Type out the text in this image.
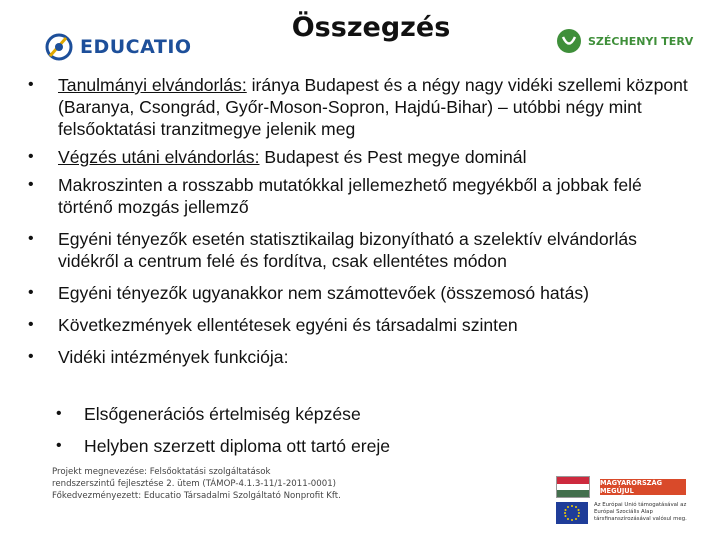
EDUCATIO
Összegzés	SZÉCHENYI TERV
• Tanulmányi elvándorlás: iránya Budapest és a négy nagy vidéki szellemi központ (Baranya, Csongrád, Győr-Moson-Sopron, Hajdú-Bihar) – utóbbi négy mint felsőoktatási tranzitmegye jelenik meg
• Végzés utáni elvándorlás: Budapest és Pest megye dominál
• Makroszinten a rosszabb mutatókkal jellemezhető megyékből a jobbak felé történő mozgás jellemző
• Egyéni tényezők esetén statisztikailag bizonyítható a szelektív elvándorlás vidékről a centrum felé és fordítva, csak ellentétes módon
• Egyéni tényezők ugyanakkor nem számottevőek (összemosó hatás)
• Következmények ellentétesek egyéni és társadalmi szinten
• Vidéki intézmények funkciója:
• Elsőgenerációs értelmiség képzése
• Helyben szerzett diploma ott tartó ereje
Projekt megnevezése: Felsőoktatási szolgáltatások
rendszerszintű fejlesztése 2. ütem (TÁMOP-4.1.3-11/1-2011-0001)
Főkedvezményezett: Educatio Társadalmi Szolgáltató Nonprofit Kft.
MAGYARORSZÁG MEGÚJUL
Az Európai Unió támogatásával az Európai Szociális Alap társfinanszírozásával valósul meg.
